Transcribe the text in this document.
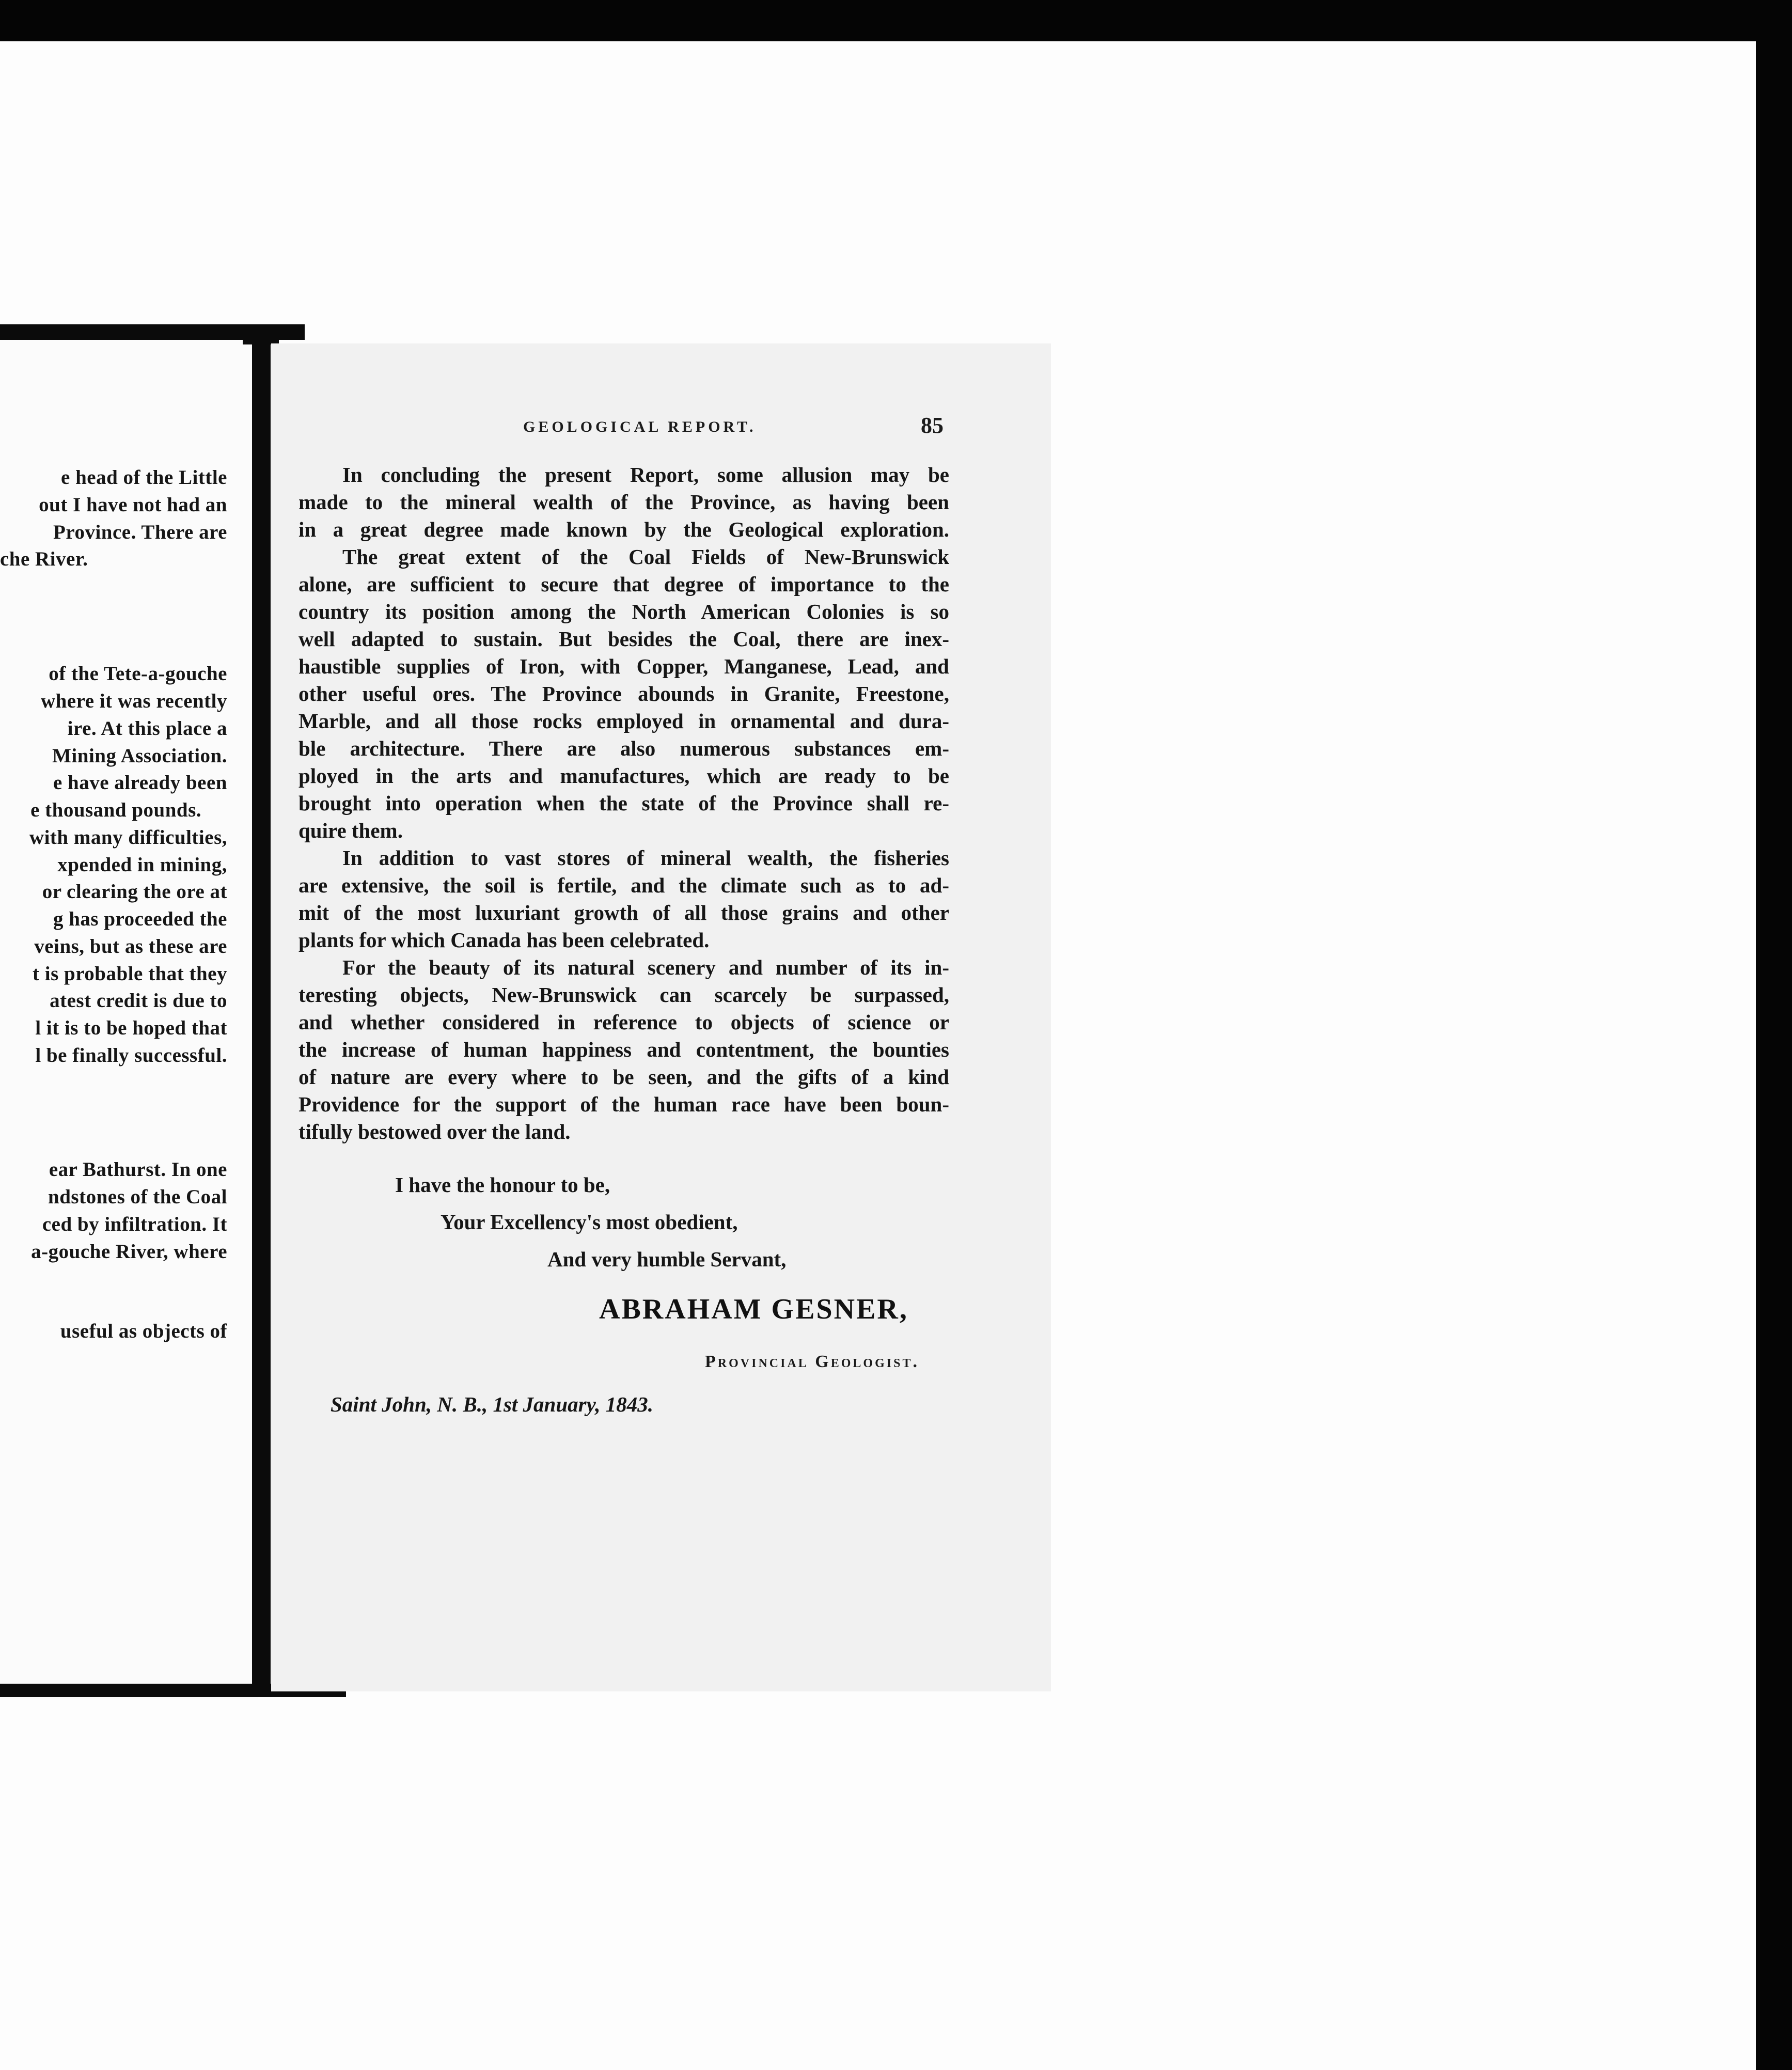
e head of the Little
out I have not had an
Province. There are
che River.
of the Tete-a-gouche
where it was recently
ire. At this place a
Mining Association.
e have already been
e thousand pounds.
with many difficulties,
xpended in mining,
or clearing the ore at
g has proceeded the
veins, but as these are
t is probable that they
atest credit is due to
l it is to be hoped that
l be finally successful.
ear Bathurst. In one
ndstones of the Coal
ced by infiltration. It
a-gouche River, where
useful as objects of
GEOLOGICAL REPORT.	85
In concluding the present Report, some allusion may be
made to the mineral wealth of the Province, as having been
in a great degree made known by the Geological exploration.
The great extent of the Coal Fields of New-Brunswick
alone, are sufficient to secure that degree of importance to the
country its position among the North American Colonies is so
well adapted to sustain. But besides the Coal, there are inex-
haustible supplies of Iron, with Copper, Manganese, Lead, and
other useful ores. The Province abounds in Granite, Freestone,
Marble, and all those rocks employed in ornamental and dura-
ble architecture. There are also numerous substances em-
ployed in the arts and manufactures, which are ready to be
brought into operation when the state of the Province shall re-
quire them.
In addition to vast stores of mineral wealth, the fisheries
are extensive, the soil is fertile, and the climate such as to ad-
mit of the most luxuriant growth of all those grains and other
plants for which Canada has been celebrated.
For the beauty of its natural scenery and number of its in-
teresting objects, New-Brunswick can scarcely be surpassed,
and whether considered in reference to objects of science or
the increase of human happiness and contentment, the bounties
of nature are every where to be seen, and the gifts of a kind
Providence for the support of the human race have been boun-
tifully bestowed over the land.
I have the honour to be,
Your Excellency's most obedient,
And very humble Servant,
ABRAHAM GESNER,
Provincial Geologist.
Saint John, N. B., 1st January, 1843.
